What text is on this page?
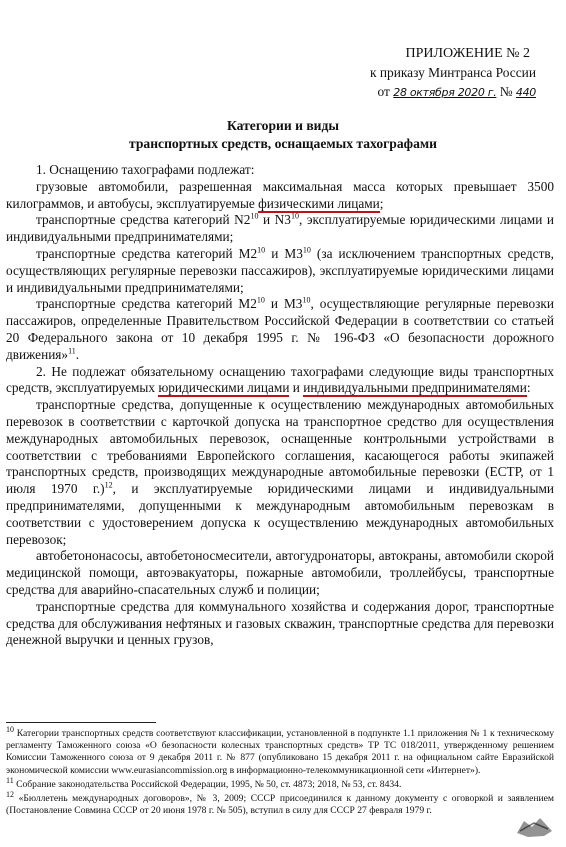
ПРИЛОЖЕНИЕ № 2
к приказу Минтранса России
от 28 октября 2020 г. № 440
Категории и виды
транспортных средств, оснащаемых тахографами

1. Оснащению тахографами подлежат:

грузовые автомобили, разрешенная максимальная масса которых превышает 3500 килограммов, и автобусы, эксплуатируемые физическими лицами;

транспортные средства категорий $N2^{10}$ и $N3^{10}$, эксплуатируемые юридическими лицами и индивидуальными предпринимателями;

транспортные средства категорий $M2^{10}$ и $M3^{10}$ (за исключением транспортных средств, осуществляющих регулярные перевозки пассажиров), эксплуатируемые юридическими лицами и индивидуальными предпринимателями;

транспортные средства категорий $M2^{10}$ и $M3^{10}$, осуществляющие регулярные перевозки пассажиров, определенные Правительством Российской Федерации в соответствии со статьей 20 Федерального закона от 10 декабря 1995 г. № 196-ФЗ «О безопасности дорожного движения»$^{11}$.

2. Не подлежат обязательному оснащению тахографами следующие виды транспортных средств, эксплуатируемых юридическими лицами и индивидуальными предпринимателями:

транспортные средства, допущенные к осуществлению международных автомобильных перевозок в соответствии с карточкой допуска на транспортное средство для осуществления международных автомобильных перевозок, оснащенные контрольными устройствами в соответствии с требованиями Европейского соглашения, касающегося работы экипажей транспортных средств, производящих международные автомобильные перевозки (ЕСТР, от 1 июля 1970 г.)$^{12}$, и эксплуатируемые юридическими лицами и индивидуальными предпринимателями, допущенными к международным автомобильным перевозкам в соответствии с удостоверением допуска к осуществлению международных автомобильных перевозок;

автобетононасосы, автобетоносмесители, автогудронаторы, автокраны, автомобили скорой медицинской помощи, автоэвакуаторы, пожарные автомобили, троллейбусы, транспортные средства для аварийно-спасательных служб и полиции;

транспортные средства для коммунального хозяйства и содержания дорог, транспортные средства для обслуживания нефтяных и газовых скважин, транспортные средства для перевозки денежной выручки и ценных грузов,

$^{10}$ Категории транспортных средств соответствуют классификации, установленной в подпункте 1.1 приложения № 1 к техническому регламенту Таможенного союза «О безопасности колесных транспортных средств» ТР ТС 018/2011, утвержденному решением Комиссии Таможенного союза от 9 декабря 2011 г. № 877 (опубликовано 15 декабря 2011 г. на официальном сайте Евразийской экономической комиссии www.eurasiancommission.org в информационно-телекоммуникационной сети «Интернет»).

$^{11}$ Собрание законодательства Российской Федерации, 1995, № 50, ст. 4873; 2018, № 53, ст. 8434.

$^{12}$ «Бюллетень международных договоров», № 3, 2009; СССР присоединился к данному документу с оговоркой и заявлением (Постановление Совмина СССР от 20 июня 1978 г. № 505), вступил в силу для СССР 27 февраля 1979 г.
